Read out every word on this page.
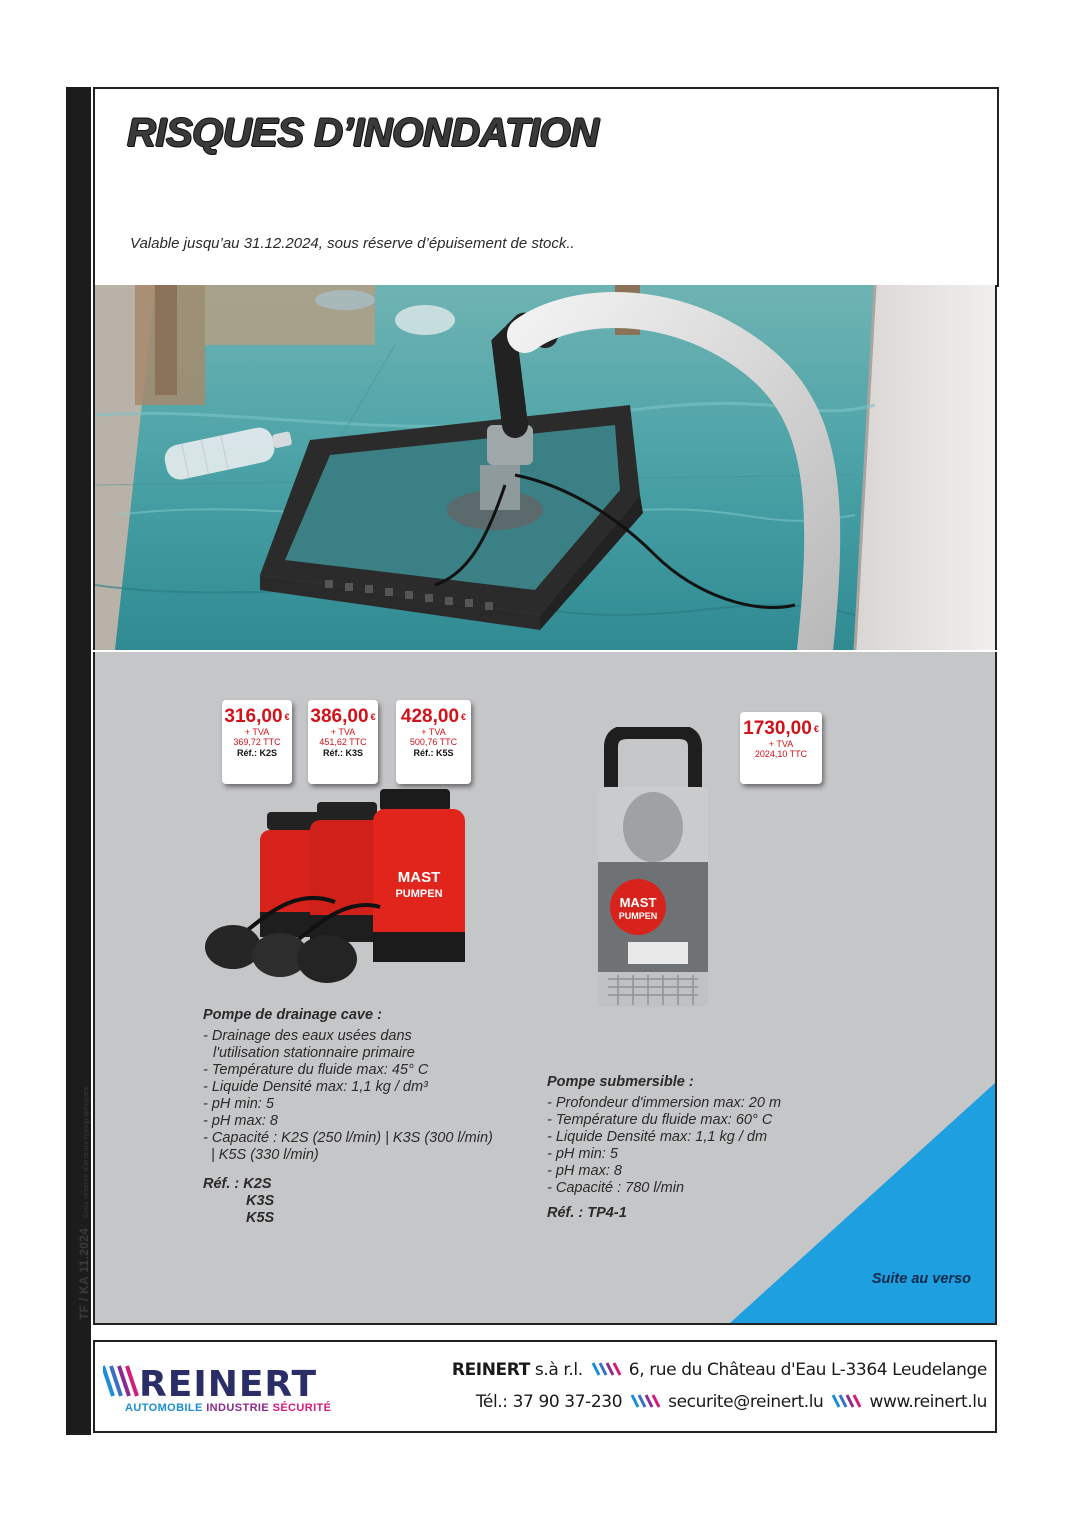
TF / KA 11.2024 Sous réserve d'erreurs typographiques
RISQUES D’INONDATION
Valable jusqu’au 31.12.2024, sous réserve d’épuisement de stock..
316,00 €
+ TVA
369,72 TTC
Réf.: K2S
386,00 €
+ TVA
451,62 TTC
Réf.: K3S
428,00 €
+ TVA
500,76 TTC
Réf.: K5S
1730,00 €
+ TVA
2024,10 TTC
MAST
PUMPEN
MAST
PUMPEN
Pompe de drainage cave :
- Drainage des eaux usées dans
l'utilisation stationnaire primaire
- Température du fluide max: 45° C
- Liquide Densité max: 1,1 kg / dm³
- pH min: 5
- pH max: 8
- Capacité : K2S (250 l/min) | K3S (300 l/min)
| K5S (330 l/min)
Réf. : K2S
K3S
K5S
Pompe submersible :
- Profondeur d'immersion max: 20 m
- Température du fluide max: 60° C
- Liquide Densité max: 1,1 kg / dm
- pH min: 5
- pH max: 8
- Capacité : 780 l/min
Réf. : TP4-1
Suite au verso
REINERT
AUTOMOBILE INDUSTRIE SÉCURITÉ
REINERT s.à r.l.	6, rue du Château d'Eau L-3364 Leudelange
Tél.: 37 90 37-230	securite@reinert.lu	www.reinert.lu
